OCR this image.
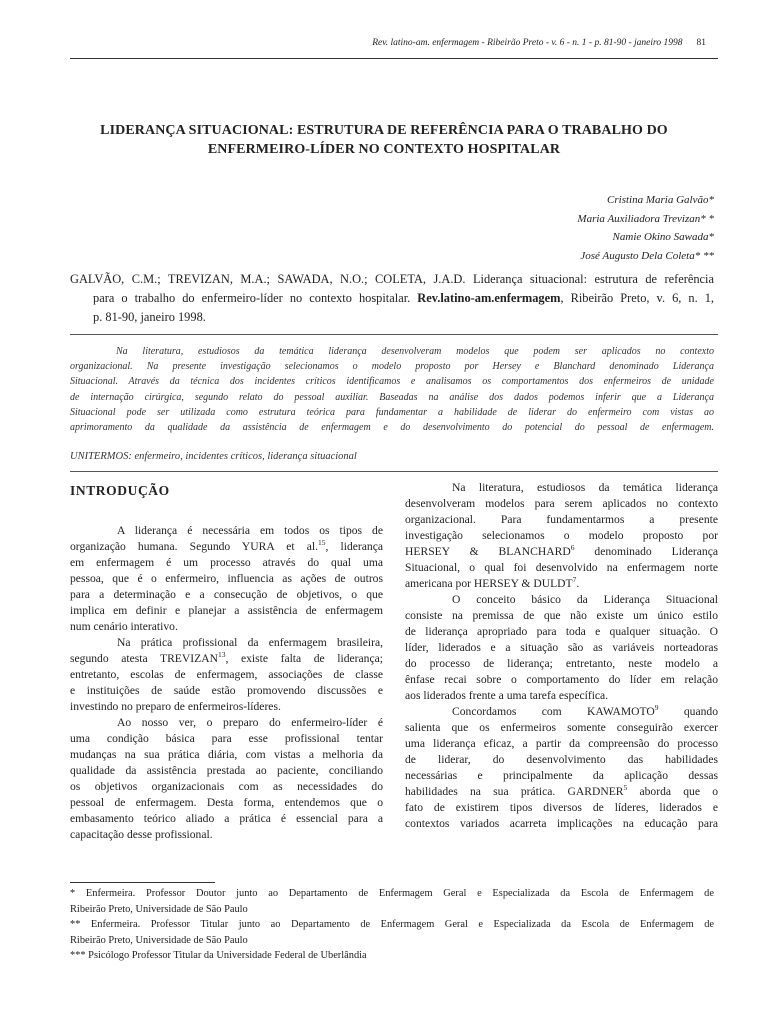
Rev. latino-am. enfermagem - Ribeirão Preto - v. 6 - n. 1 - p. 81-90 - janeiro 1998 81
LIDERANÇA SITUACIONAL: ESTRUTURA DE REFERÊNCIA PARA O TRABALHO DO
ENFERMEIRO-LÍDER NO CONTEXTO HOSPITALAR
Cristina Maria Galvão*
Maria Auxiliadora Trevizan* *
Namie Okino Sawada*
José Augusto Dela Coleta* **
GALVÃO, C.M.; TREVIZAN, M.A.; SAWADA, N.O.; COLETA, J.A.D. Liderança situacional: estrutura de referência
para o trabalho do enfermeiro-líder no contexto hospitalar. Rev.latino-am.enfermagem, Ribeirão Preto, v. 6, n. 1,
p. 81-90, janeiro 1998.
Na literatura, estudiosos da temática liderança desenvolveram modelos que podem ser aplicados no contexto
organizacional. Na presente investigação selecionamos o modelo proposto por Hersey e Blanchard denominado Liderança
Situacional. Através da técnica dos incidentes críticos identificamos e analisamos os comportamentos dos enfermeiros de unidade
de internação cirúrgica, segundo relato do pessoal auxiliar. Baseadas na análise dos dados podemos inferir que a Liderança
Situacional pode ser utilizada como estrutura teórica para fundamentar a habilidade de liderar do enfermeiro com vistas ao
aprimoramento da qualidade da assistência de enfermagem e do desenvolvimento do potencial do pessoal de enfermagem.
UNITERMOS: enfermeiro, incidentes críticos, liderança situacional
INTRODUÇÃO
A liderança é necessária em todos os tipos de
organização humana. Segundo YURA et al.$^{15}$, liderança
em enfermagem é um processo através do qual uma
pessoa, que é o enfermeiro, influencia as ações de outros
para a determinação e a consecução de objetivos, o que
implica em definir e planejar a assistência de enfermagem
num cenário interativo.
Na prática profissional da enfermagem brasileira,
segundo atesta TREVIZAN$^{13}$, existe falta de liderança;
entretanto, escolas de enfermagem, associações de classe
e instituições de saúde estão promovendo discussões e
investindo no preparo de enfermeiros-líderes.
Ao nosso ver, o preparo do enfermeiro-líder é
uma condição básica para esse profissional tentar
mudanças na sua prática diária, com vistas a melhoria da
qualidade da assistência prestada ao paciente, conciliando
os objetivos organizacionais com as necessidades do
pessoal de enfermagem. Desta forma, entendemos que o
embasamento teórico aliado a prática é essencial para a
capacitação desse profissional.
Na literatura, estudiosos da temática liderança
desenvolveram modelos para serem aplicados no contexto
organizacional. Para fundamentarmos a presente
investigação selecionamos o modelo proposto por
HERSEY & BLANCHARD$^6$ denominado Liderança
Situacional, o qual foi desenvolvido na enfermagem norte
americana por HERSEY & DULDT$^7$.
O conceito básico da Liderança Situacional
consiste na premissa de que não existe um único estilo
de liderança apropriado para toda e qualquer situação. O
líder, liderados e a situação são as variáveis norteadoras
do processo de liderança; entretanto, neste modelo a
ênfase recai sobre o comportamento do líder em relação
aos liderados frente a uma tarefa específica.
Concordamos com KAWAMOTO$^9$ quando
salienta que os enfermeiros somente conseguirão exercer
uma liderança eficaz, a partir da compreensão do processo
de liderar, do desenvolvimento das habilidades
necessárias e principalmente da aplicação dessas
habilidades na sua prática. GARDNER$^5$ aborda que o
fato de existirem tipos diversos de líderes, liderados e
contextos variados acarreta implicações na educação para
* Enfermeira. Professor Doutor junto ao Departamento de Enfermagem Geral e Especializada da Escola de Enfermagem de
Ribeirão Preto, Universidade de São Paulo
** Enfermeira. Professor Titular junto ao Departamento de Enfermagem Geral e Especializada da Escola de Enfermagem de
Ribeirão Preto, Universidade de São Paulo
*** Psicólogo Professor Titular da Universidade Federal de Uberlândia
